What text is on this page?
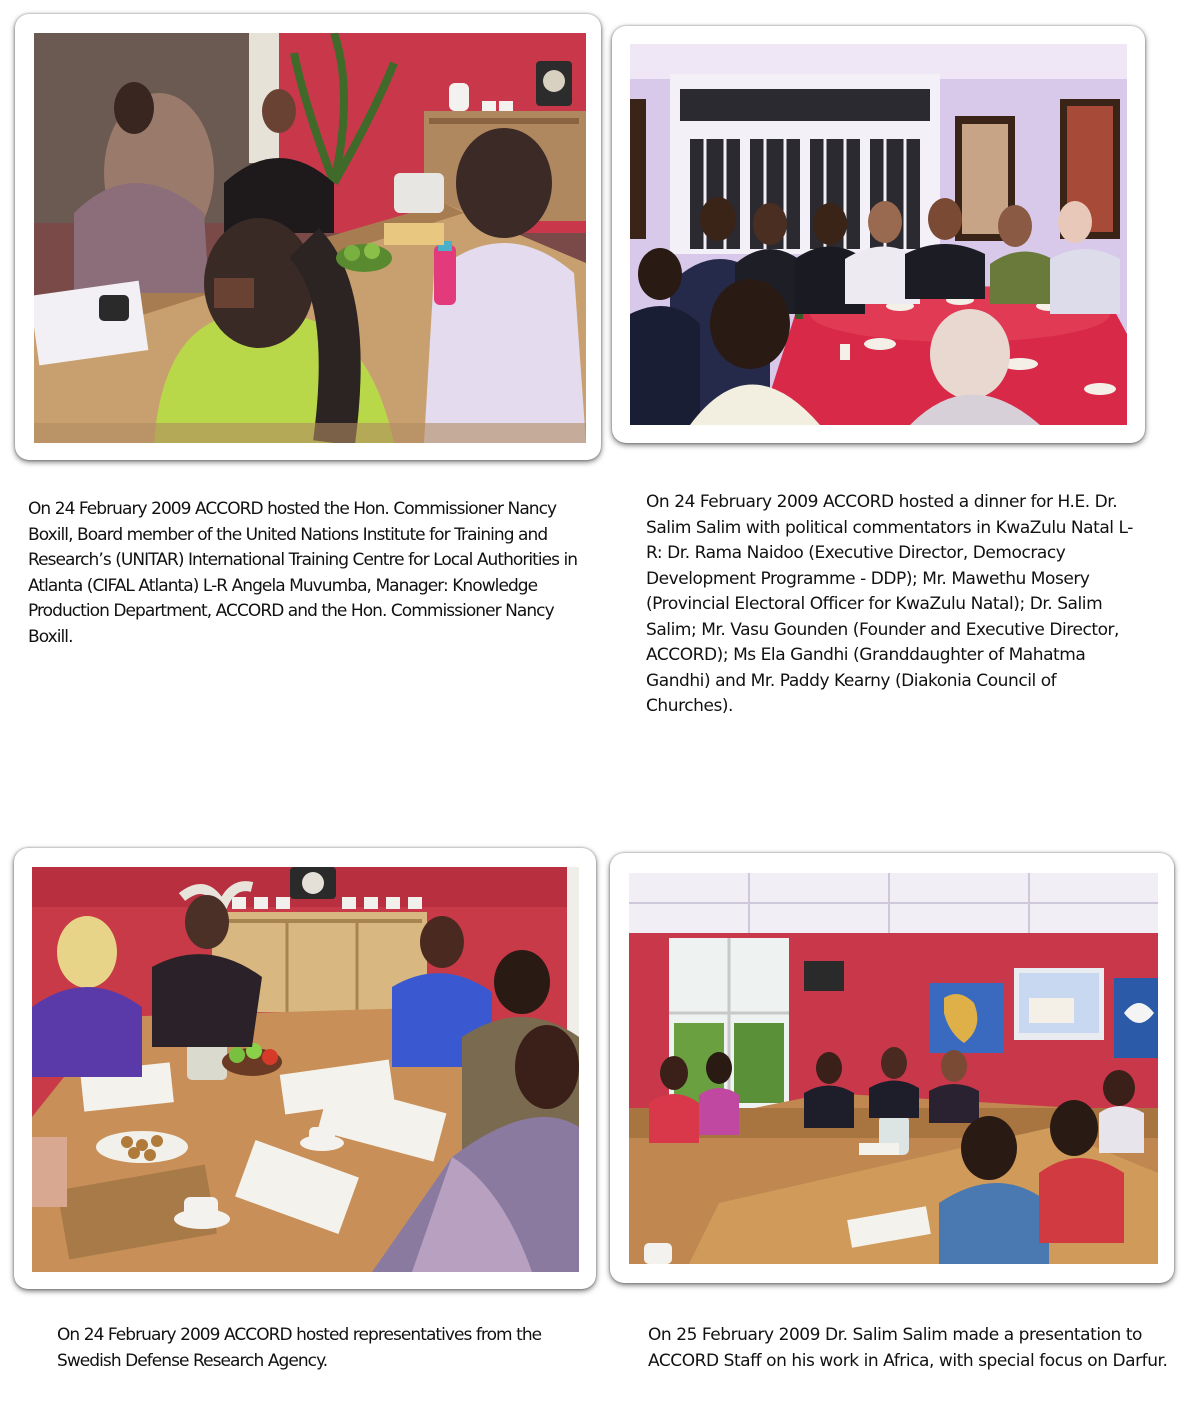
On 24 February 2009 ACCORD hosted the Hon. Commissioner Nancy Boxill, Board member of the United Nations Institute for Training and Research’s (UNITAR) International Training Centre for Local Authorities in Atlanta (CIFAL Atlanta) L-R Angela Muvumba, Manager: Knowledge Production Department, ACCORD and the Hon. Commissioner Nancy Boxill.

On 24 February 2009 ACCORD hosted a dinner for H.E. Dr. Salim Salim with political commentators in KwaZulu Natal L-R: Dr. Rama Naidoo (Executive Director, Democracy Development Programme - DDP); Mr. Mawethu Mosery (Provincial Electoral Officer for KwaZulu Natal); Dr. Salim Salim; Mr. Vasu Gounden (Founder and Executive Director, ACCORD); Ms Ela Gandhi (Granddaughter of Mahatma Gandhi) and Mr. Paddy Kearny (Diakonia Council of Churches).

On 24 February 2009 ACCORD hosted representatives from the Swedish Defense Research Agency.

On 25 February 2009 Dr. Salim Salim made a presentation to ACCORD Staff on his work in Africa, with special focus on Darfur.
